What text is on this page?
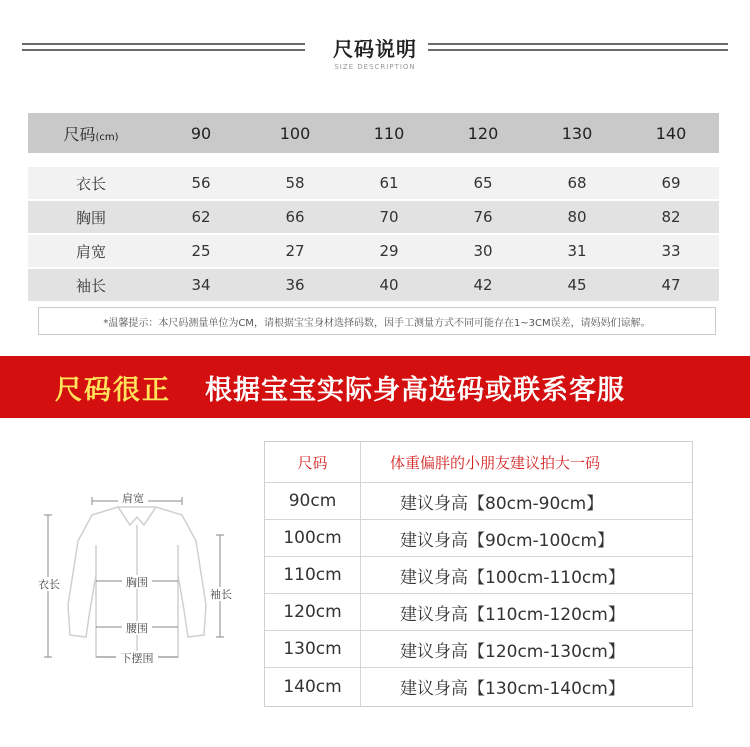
尺码说明
SIZE DESCRIPTION
尺码(cm)	90	100	110	120	130	140
衣长	56	58	61	65	68	69
胸围	62	66	70	76	80	82
肩宽	25	27	29	30	31	33
袖长	34	36	40	42	45	47
*温馨提示：本尺码测量单位为CM，请根据宝宝身材选择码数，因手工测量方式不同可能存在1~3CM误差，请妈妈们谅解。
尺码很正 根据宝宝实际身高选码或联系客服
肩宽
衣长	胸围
袖长
腰围
下摆围
尺码	体重偏胖的小朋友建议拍大一码
90cm	建议身高【80cm-90cm】
100cm	建议身高【90cm-100cm】
110cm	建议身高【100cm-110cm】
120cm	建议身高【110cm-120cm】
130cm	建议身高【120cm-130cm】
140cm	建议身高【130cm-140cm】
